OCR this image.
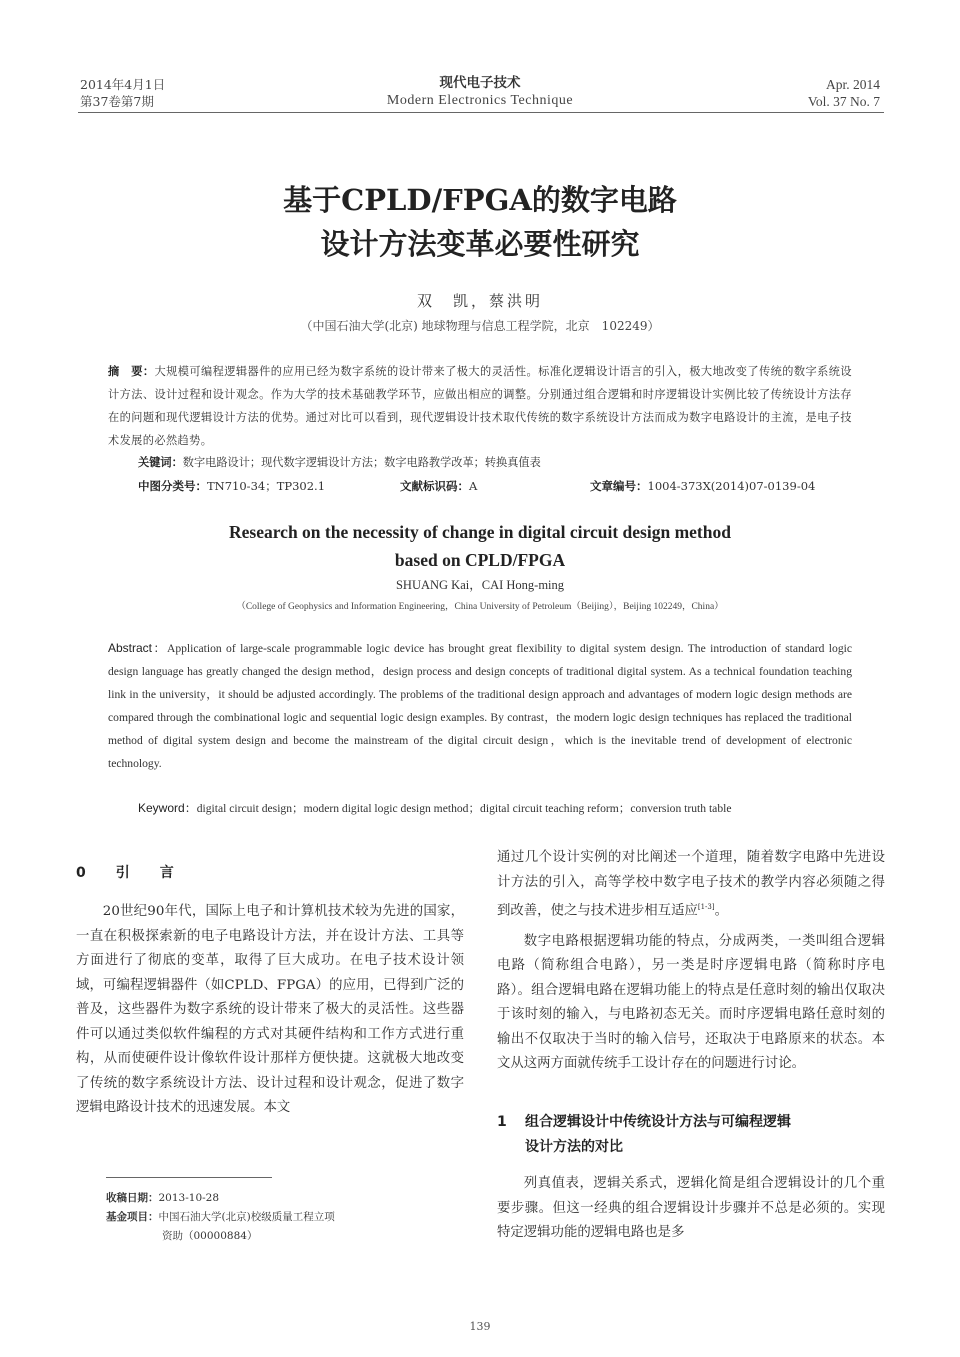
2014年4月1日
第37卷第7期
现代电子技术
Modern Electronics Technique
Apr. 2014
Vol. 37 No. 7
基于CPLD/FPGA的数字电路
设计方法变革必要性研究
双　凯，蔡洪明
（中国石油大学(北京) 地球物理与信息工程学院，北京　102249）
摘　要：大规模可编程逻辑器件的应用已经为数字系统的设计带来了极大的灵活性。标准化逻辑设计语言的引入，极大地改变了传统的数字系统设计方法、设计过程和设计观念。作为大学的技术基础教学环节，应做出相应的调整。分别通过组合逻辑和时序逻辑设计实例比较了传统设计方法存在的问题和现代逻辑设计方法的优势。通过对比可以看到，现代逻辑设计技术取代传统的数字系统设计方法而成为数字电路设计的主流，是电子技术发展的必然趋势。
关键词：数字电路设计；现代数字逻辑设计方法；数字电路教学改革；转换真值表
中图分类号：TN710-34；TP302.1	文献标识码：A	文章编号：1004-373X(2014)07-0139-04
Research on the necessity of change in digital circuit design method
based on CPLD/FPGA
SHUANG Kai，CAI Hong-ming
（College of Geophysics and Information Engineering，China University of Petroleum（Beijing），Beijing 102249，China）
Abstract：Application of large-scale programmable logic device has brought great flexibility to digital system design. The introduction of standard logic design language has greatly changed the design method，design process and design concepts of traditional digital system. As a technical foundation teaching link in the university，it should be adjusted accordingly. The problems of the traditional design approach and advantages of modern logic design methods are compared through the combinational logic and sequential logic design examples. By contrast，the modern logic design techniques has replaced the traditional method of digital system design and become the mainstream of the digital circuit design，which is the inevitable trend of development of electronic technology.
Keyword：digital circuit design；modern digital logic design method；digital circuit teaching reform；conversion truth table
0　引　言

20世纪90年代，国际上电子和计算机技术较为先进的国家，一直在积极探索新的电子电路设计方法，并在设计方法、工具等方面进行了彻底的变革，取得了巨大成功。在电子技术设计领域，可编程逻辑器件（如CPLD、FPGA）的应用，已得到广泛的普及，这些器件为数字系统的设计带来了极大的灵活性。这些器件可以通过类似软件编程的方式对其硬件结构和工作方式进行重构，从而使硬件设计像软件设计那样方便快捷。这就极大地改变了传统的数字系统设计方法、设计过程和设计观念，促进了数字逻辑电路设计技术的迅速发展。本文

收稿日期：2013-10-28
基金项目：中国石油大学(北京)校级质量工程立项
资助（00000884）

通过几个设计实例的对比阐述一个道理，随着数字电路中先进设计方法的引入，高等学校中数字电子技术的教学内容必须随之得到改善，使之与技术进步相互适应[1-3]。

数字电路根据逻辑功能的特点，分成两类，一类叫组合逻辑电路（简称组合电路），另一类是时序逻辑电路（简称时序电路）。组合逻辑电路在逻辑功能上的特点是任意时刻的输出仅取决于该时刻的输入，与电路初态无关。而时序逻辑电路任意时刻的输出不仅取决于当时的输入信号，还取决于电路原来的状态。本文从这两方面就传统手工设计存在的问题进行讨论。

1 组合逻辑设计中传统设计方法与可编程逻辑
设计方法的对比

列真值表，逻辑关系式，逻辑化简是组合逻辑设计的几个重要步骤。但这一经典的组合逻辑设计步骤并不总是必须的。实现特定逻辑功能的逻辑电路也是多

139
